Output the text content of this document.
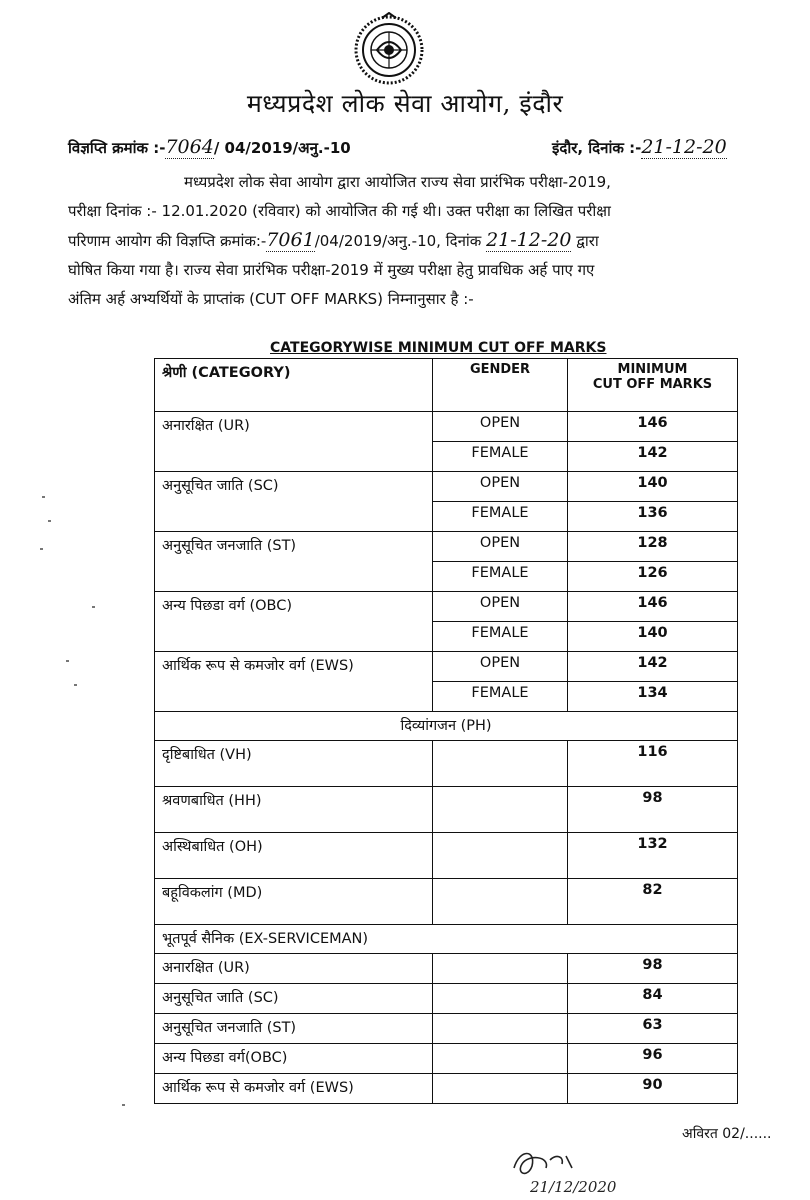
मध्यप्रदेश लोक सेवा आयोग, इंदौर
विज्ञप्ति क्रमांक :-7064/ 04/2019/अनु.-10	इंदौर, दिनांक :-21-12-20

मध्यप्रदेश लोक सेवा आयोग द्वारा आयोजित राज्य सेवा प्रारंभिक परीक्षा-2019,

परीक्षा दिनांक :- 12.01.2020 (रविवार) को आयोजित की गई थी। उक्त परीक्षा का लिखित परीक्षा

परिणाम आयोग की विज्ञप्ति क्रमांक:-7061/04/2019/अनु.-10, दिनांक 21-12-20 द्वारा

घोषित किया गया है। राज्य सेवा प्रारंभिक परीक्षा-2019 में मुख्य परीक्षा हेतु प्रावधिक अर्ह पाए गए

अंतिम अर्ह अभ्यर्थियों के प्राप्तांक (CUT OFF MARKS) निम्नानुसार है :-

CATEGORYWISE MINIMUM CUT OFF MARKS
श्रेणी (CATEGORY)	GENDER	MINIMUM
CUT OFF MARKS

अनारक्षित (UR)	OPEN	146
	FEMALE	142
अनुसूचित जाति (SC)	OPEN	140
	FEMALE	136
अनुसूचित जनजाति (ST)	OPEN	128
	FEMALE	126
अन्य पिछडा वर्ग (OBC)	OPEN	146
	FEMALE	140
आर्थिक रूप से कमजोर वर्ग (EWS)	OPEN	142
	FEMALE	134
दिव्यांगजन (PH)		
दृष्टिबाधित (VH)		116
श्रवणबाधित (HH)		98
अस्थिबाधित (OH)		132
बहूविकलांग (MD)		82
भूतपूर्व सैनिक (EX-SERVICEMAN)		
अनारक्षित (UR)		98
अनुसूचित जाति (SC)		84
अनुसूचित जनजाति (ST)		63
अन्य पिछडा वर्ग(OBC)		96
आर्थिक रूप से कमजोर वर्ग (EWS)		90
अविरत 02/......
21/12/2020
